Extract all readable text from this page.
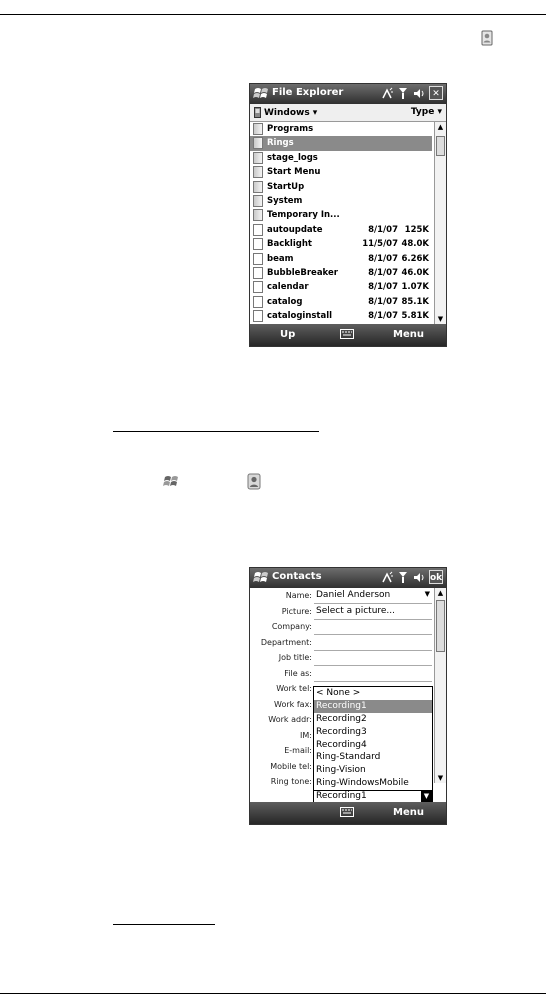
File Explorer	✕
Windows ▾	Type ▾
Programs
Rings
stage_logs
Start Menu
StartUp
System
Temporary In...
autoupdate	8/1/07 125K
Backlight	11/5/07 48.0K
beam	8/1/07 6.26K
BubbleBreaker	8/1/07 46.0K
calendar	8/1/07 1.07K
catalog	8/1/07 85.1K
cataloginstall	8/1/07 5.81K
▲
▼
Up	Menu
Contacts	ok
Name: Daniel Anderson	▼
Picture: Select a picture...
Company:
Department:
Job title:
File as:
Work tel:
Work fax:
Work addr:
IM:
E-mail:
Mobile tel:
Ring tone:
▲
▼
< None >
Recording1
Recording2
Recording3
Recording4
Ring-Standard
Ring-Vision
Ring-WindowsMobile
Recording1	▼
Menu
